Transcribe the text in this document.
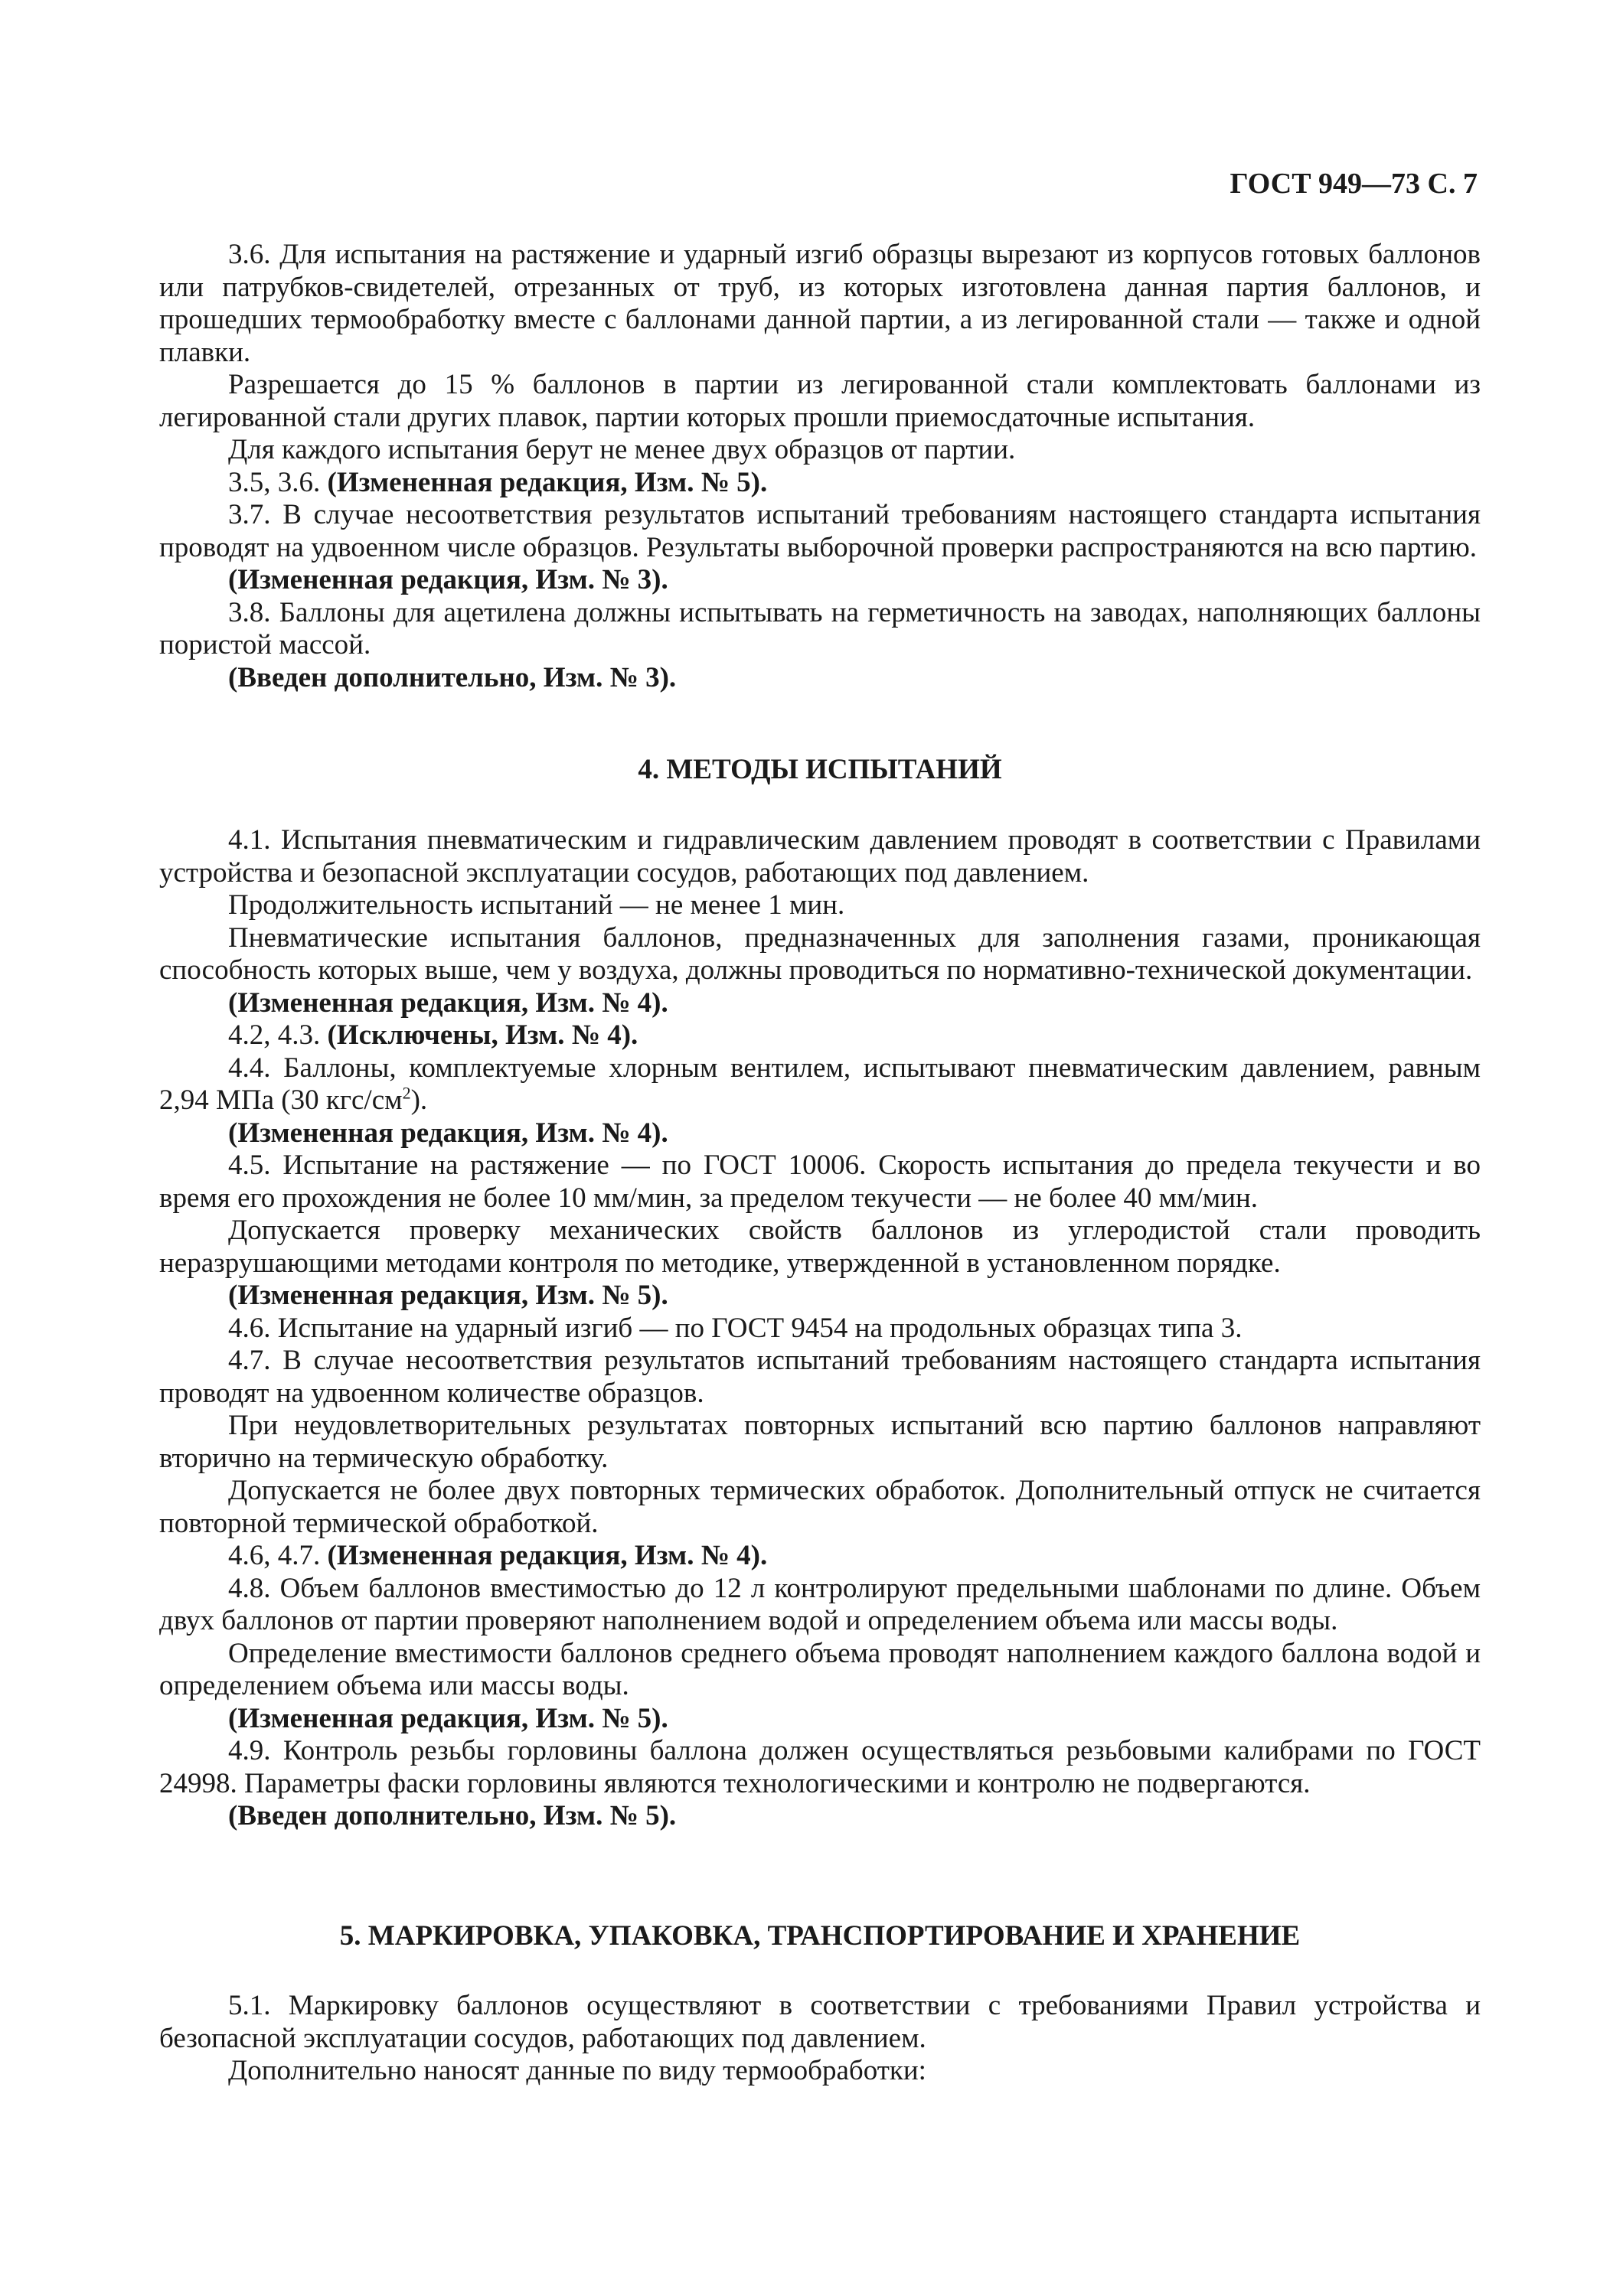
ГОСТ 949—73 С. 7

3.6. Для испытания на растяжение и ударный изгиб образцы вырезают из корпусов готовых баллонов или патрубков-свидетелей, отрезанных от труб, из которых изготовлена данная партия баллонов, и прошедших термообработку вместе с баллонами данной партии, а из легированной стали — также и одной плавки.

Разрешается до 15 % баллонов в партии из легированной стали комплектовать баллонами из легированной стали других плавок, партии которых прошли приемосдаточные испытания.

Для каждого испытания берут не менее двух образцов от партии.

3.5, 3.6. (Измененная редакция, Изм. № 5).

3.7. В случае несоответствия результатов испытаний требованиям настоящего стандарта испытания проводят на удвоенном числе образцов. Результаты выборочной проверки распространяются на всю партию.

(Измененная редакция, Изм. № 3).

3.8. Баллоны для ацетилена должны испытывать на герметичность на заводах, наполняющих баллоны пористой массой.

(Введен дополнительно, Изм. № 3).

4. МЕТОДЫ ИСПЫТАНИЙ

4.1. Испытания пневматическим и гидравлическим давлением проводят в соответствии с Правилами устройства и безопасной эксплуатации сосудов, работающих под давлением.

Продолжительность испытаний — не менее 1 мин.

Пневматические испытания баллонов, предназначенных для заполнения газами, проникающая способность которых выше, чем у воздуха, должны проводиться по нормативно-технической документации.

(Измененная редакция, Изм. № 4).

4.2, 4.3. (Исключены, Изм. № 4).

4.4. Баллоны, комплектуемые хлорным вентилем, испытывают пневматическим давлением, равным 2,94 МПа (30 кгс/$см^2$).

(Измененная редакция, Изм. № 4).

4.5. Испытание на растяжение — по ГОСТ 10006. Скорость испытания до предела текучести и во время его прохождения не более 10 мм/мин, за пределом текучести — не более 40 мм/мин.

Допускается проверку механических свойств баллонов из углеродистой стали проводить неразрушающими методами контроля по методике, утвержденной в установленном порядке.

(Измененная редакция, Изм. № 5).

4.6. Испытание на ударный изгиб — по ГОСТ 9454 на продольных образцах типа 3.

4.7. В случае несоответствия результатов испытаний требованиям настоящего стандарта испытания проводят на удвоенном количестве образцов.

При неудовлетворительных результатах повторных испытаний всю партию баллонов направляют вторично на термическую обработку.

Допускается не более двух повторных термических обработок. Дополнительный отпуск не считается повторной термической обработкой.

4.6, 4.7. (Измененная редакция, Изм. № 4).

4.8. Объем баллонов вместимостью до 12 л контролируют предельными шаблонами по длине. Объем двух баллонов от партии проверяют наполнением водой и определением объема или массы воды.

Определение вместимости баллонов среднего объема проводят наполнением каждого баллона водой и определением объема или массы воды.

(Измененная редакция, Изм. № 5).

4.9. Контроль резьбы горловины баллона должен осуществляться резьбовыми калибрами по ГОСТ 24998. Параметры фаски горловины являются технологическими и контролю не подвергаются.

(Введен дополнительно, Изм. № 5).

5. МАРКИРОВКА, УПАКОВКА, ТРАНСПОРТИРОВАНИЕ И ХРАНЕНИЕ

5.1. Маркировку баллонов осуществляют в соответствии с требованиями Правил устройства и безопасной эксплуатации сосудов, работающих под давлением.

Дополнительно наносят данные по виду термообработки:
